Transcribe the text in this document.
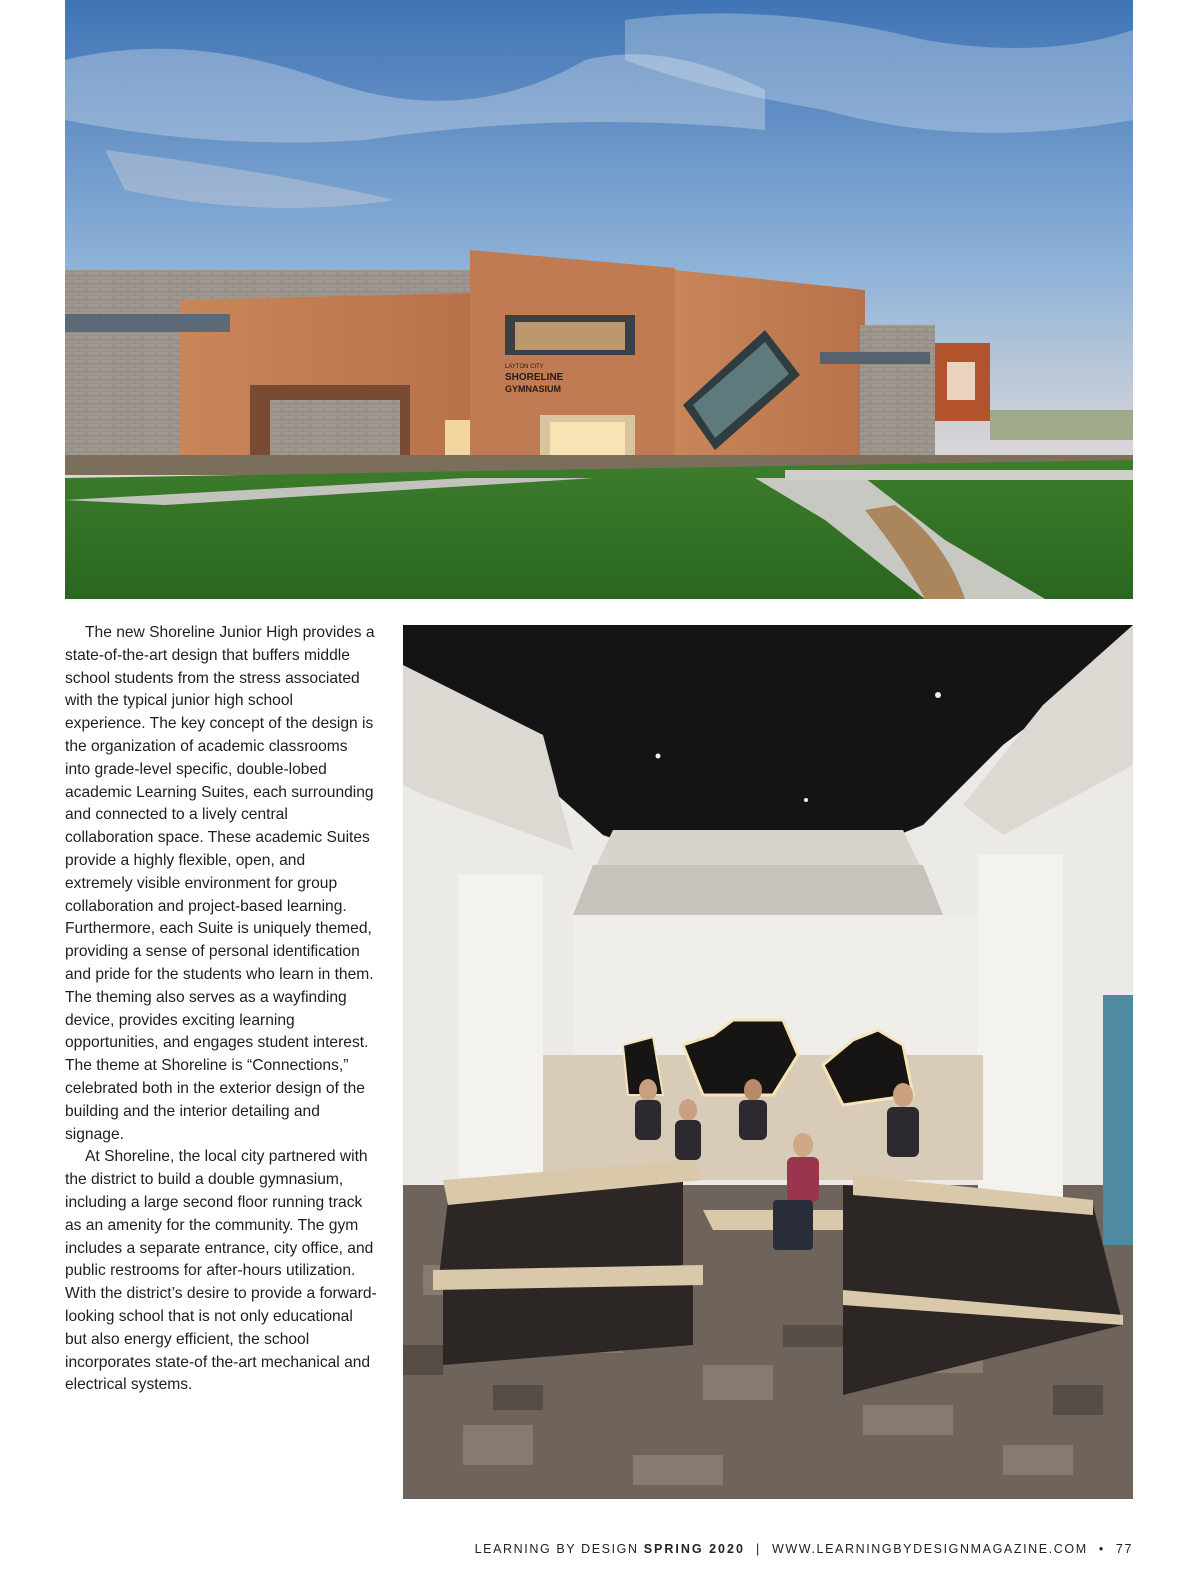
LAYTON CITY
SHORELINE
GYMNASIUM

The new Shoreline Junior High provides a state-of-the-art design that buffers middle school students from the stress associated with the typical junior high school experience. The key concept of the design is the organization of academic classrooms into grade-level specific, double-lobed academic Learning Suites, each surrounding and connected to a lively central collaboration space. These academic Suites provide a highly flexible, open, and extremely visible environment for group collaboration and project-based learning. Furthermore, each Suite is uniquely themed, providing a sense of personal identification and pride for the students who learn in them. The theming also serves as a wayfinding device, provides exciting learning opportunities, and engages student interest. The theme at Shoreline is “Connections,” celebrated both in the exterior design of the building and the interior detailing and signage.

At Shoreline, the local city partnered with the district to build a double gymnasium, including a large second floor running track as an amenity for the community. The gym includes a separate entrance, city office, and public restrooms for after-hours utilization. With the district’s desire to provide a forward-looking school that is not only educational but also energy efficient, the school incorporates state-of the-art mechanical and electrical systems.

LEARNING BY DESIGN SPRING 2020 | WWW.LEARNINGBYDESIGNMAGAZINE.COM • 77
